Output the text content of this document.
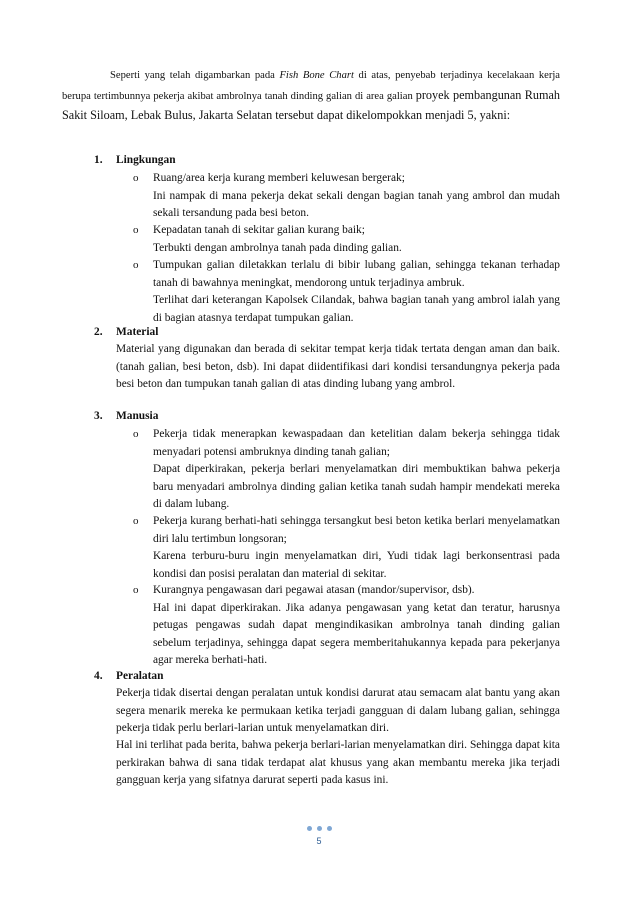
Seperti yang telah digambarkan pada Fish Bone Chart di atas, penyebab terjadinya kecelakaan kerja berupa tertimbunnya pekerja akibat ambrolnya tanah dinding galian di area galian proyek pembangunan Rumah Sakit Siloam, Lebak Bulus, Jakarta Selatan tersebut dapat dikelompokkan menjadi 5, yakni:

1. Lingkungan
o Ruang/area kerja kurang memberi keluwesan bergerak;
Ini nampak di mana pekerja dekat sekali dengan bagian tanah yang ambrol dan mudah sekali tersandung pada besi beton.

o Kepadatan tanah di sekitar galian kurang baik;
Terbukti dengan ambrolnya tanah pada dinding galian.

o Tumpukan galian diletakkan terlalu di bibir lubang galian, sehingga tekanan terhadap tanah di bawahnya meningkat, mendorong untuk terjadinya ambruk.
Terlihat dari keterangan Kapolsek Cilandak, bahwa bagian tanah yang ambrol ialah yang di bagian atasnya terdapat tumpukan galian.

2. Material

Material yang digunakan dan berada di sekitar tempat kerja tidak tertata dengan aman dan baik. (tanah galian, besi beton, dsb). Ini dapat diidentifikasi dari kondisi tersandungnya pekerja pada besi beton dan tumpukan tanah galian di atas dinding lubang yang ambrol.

3. Manusia
o Pekerja tidak menerapkan kewaspadaan dan ketelitian dalam bekerja sehingga tidak menyadari potensi ambruknya dinding tanah galian;
Dapat diperkirakan, pekerja berlari menyelamatkan diri membuktikan bahwa pekerja baru menyadari ambrolnya dinding galian ketika tanah sudah hampir mendekati mereka di dalam lubang.

o Pekerja kurang berhati-hati sehingga tersangkut besi beton ketika berlari menyelamatkan diri lalu tertimbun longsoran;
Karena terburu-buru ingin menyelamatkan diri, Yudi tidak lagi berkonsentrasi pada kondisi dan posisi peralatan dan material di sekitar.

o Kurangnya pengawasan dari pegawai atasan (mandor/supervisor, dsb).
Hal ini dapat diperkirakan. Jika adanya pengawasan yang ketat dan teratur, harusnya petugas pengawas sudah dapat mengindikasikan ambrolnya tanah dinding galian sebelum terjadinya, sehingga dapat segera memberitahukannya kepada para pekerjanya agar mereka berhati-hati.

4. Peralatan

Pekerja tidak disertai dengan peralatan untuk kondisi darurat atau semacam alat bantu yang akan segera menarik mereka ke permukaan ketika terjadi gangguan di dalam lubang galian, sehingga pekerja tidak perlu berlari-larian untuk menyelamatkan diri.

Hal ini terlihat pada berita, bahwa pekerja berlari-larian menyelamatkan diri. Sehingga dapat kita perkirakan bahwa di sana tidak terdapat alat khusus yang akan membantu mereka jika terjadi gangguan kerja yang sifatnya darurat seperti pada kasus ini.

5
